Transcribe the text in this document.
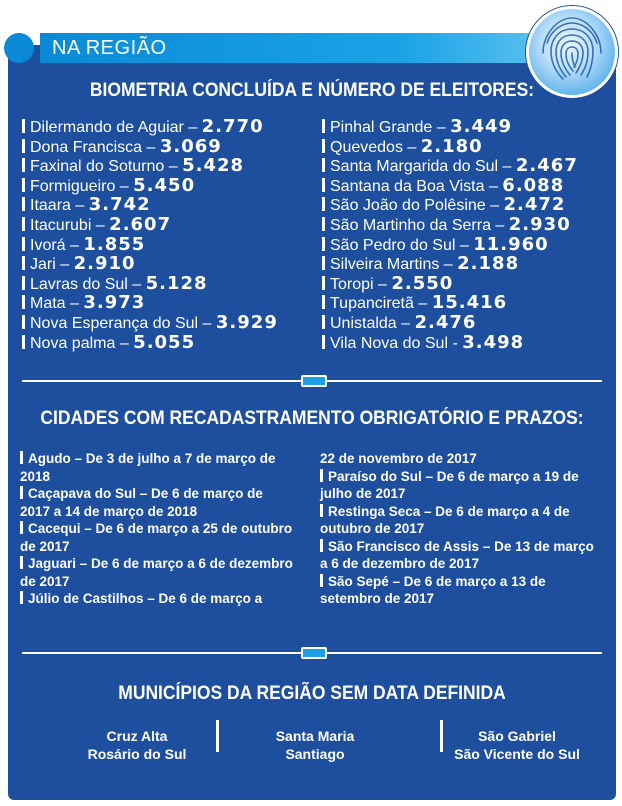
NA REGIÃO
BIOMETRIA CONCLUÍDA E NÚMERO DE ELEITORES:
Dilermando de Aguiar – 2.770
Dona Francisca – 3.069
Faxinal do Soturno – 5.428
Formigueiro – 5.450
Itaara – 3.742
Itacurubi – 2.607
Ivorá – 1.855
Jari – 2.910
Lavras do Sul – 5.128
Mata – 3.973
Nova Esperança do Sul – 3.929
Nova palma – 5.055
Pinhal Grande – 3.449
Quevedos – 2.180
Santa Margarida do Sul – 2.467
Santana da Boa Vista – 6.088
São João do Polêsine – 2.472
São Martinho da Serra – 2.930
São Pedro do Sul – 11.960
Silveira Martins – 2.188
Toropi – 2.550
Tupanciretã – 15.416
Unistalda – 2.476
Vila Nova do Sul - 3.498
CIDADES COM RECADASTRAMENTO OBRIGATÓRIO E PRAZOS:
Agudo – De 3 de julho a 7 de março de 2018
Caçapava do Sul – De 6 de março de 2017 a 14 de março de 2018
Cacequi – De 6 de março a 25 de outubro de 2017
Jaguari – De 6 de março a 6 de dezembro de 2017
Júlio de Castilhos – De 6 de março a
22 de novembro de 2017
Paraíso do Sul – De 6 de março a 19 de julho de 2017
Restinga Seca – De 6 de março a 4 de outubro de 2017
São Francisco de Assis – De 13 de março a 6 de dezembro de 2017
São Sepé – De 6 de março a 13 de setembro de 2017
MUNICÍPIOS DA REGIÃO SEM DATA DEFINIDA
Cruz Alta
Rosário do Sul
Santa Maria
Santiago
São Gabriel
São Vicente do Sul
